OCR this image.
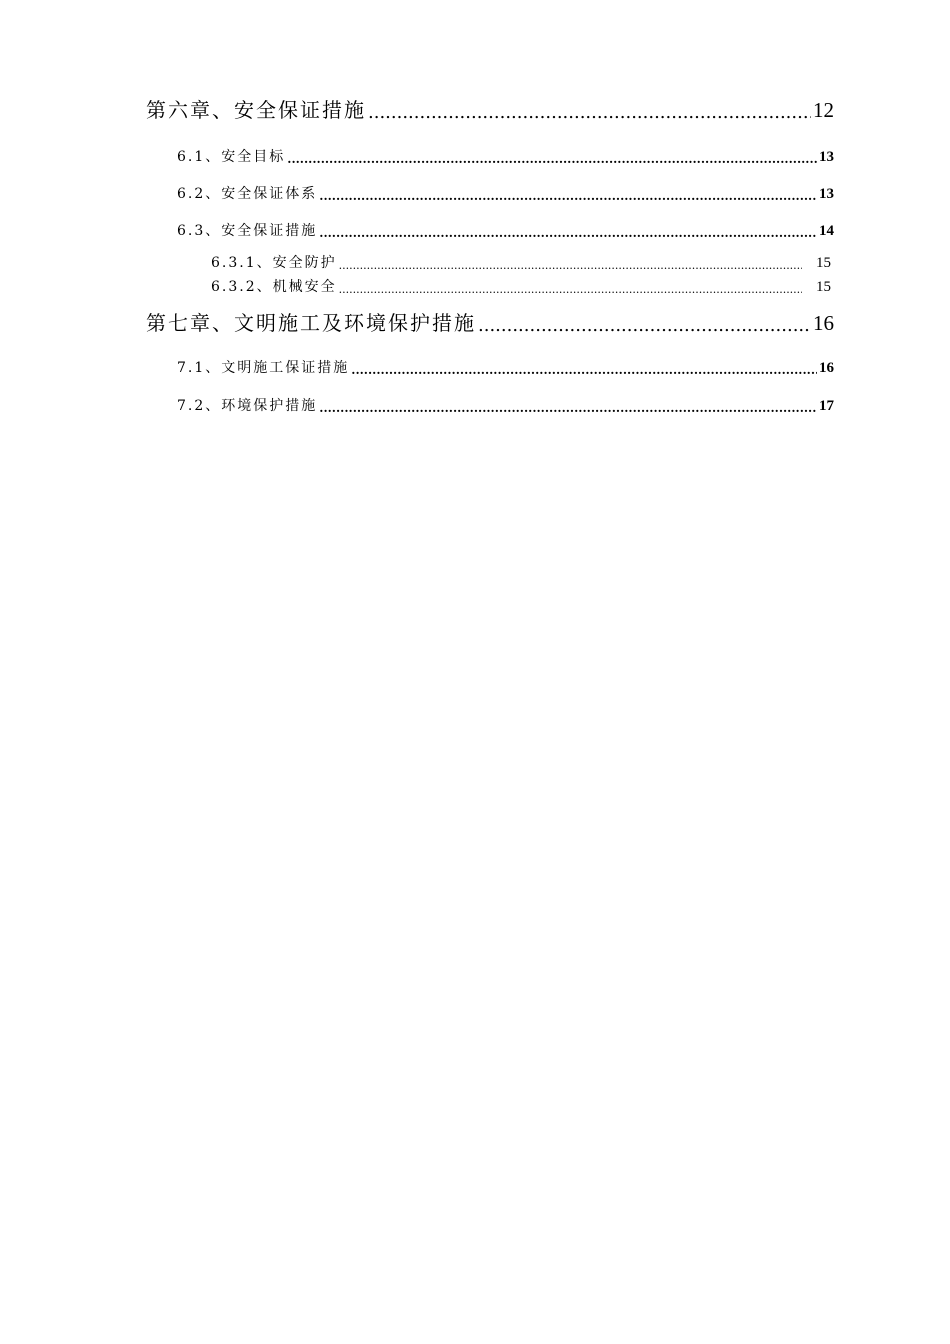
第六章、安全保证措施 .....	12
6.1、安全目标 .....	13
6.2、安全保证体系 .....	13
6.3、安全保证措施 .....	14
6.3.1、安全防护 .....	15
6.3.2、机械安全 .....	15
第七章、文明施工及环境保护措施 .....	16
7.1、文明施工保证措施 .....	16
7.2、环境保护措施 .....	17
